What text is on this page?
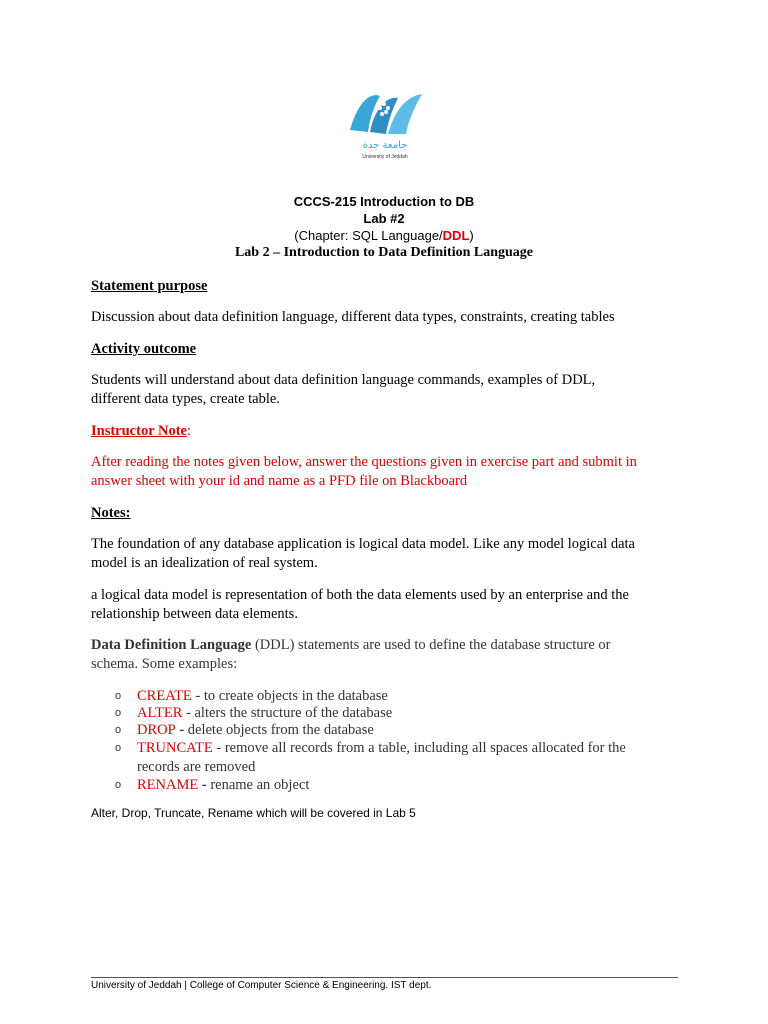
جامعة جدة
University of Jeddah
CCCS-215 Introduction to DB
Lab #2
(Chapter: SQL Language/DDL)
Lab 2 – Introduction to Data Definition Language
Statement purpose
Discussion about data definition language, different data types, constraints, creating tables
Activity outcome
Students will understand about data definition language commands, examples of DDL,
different data types, create table.
Instructor Note:
After reading the notes given below, answer the questions given in exercise part and submit in
answer sheet with your id and name as a PFD file on Blackboard
Notes:
The foundation of any database application is logical data model. Like any model logical data
model is an idealization of real system.
a logical data model is representation of both the data elements used by an enterprise and the
relationship between data elements.
Data Definition Language (DDL) statements are used to define the database structure or
schema. Some examples:
o CREATE - to create objects in the database
o ALTER - alters the structure of the database
o DROP - delete objects from the database
o TRUNCATE - remove all records from a table, including all spaces allocated for the
records are removed
o RENAME - rename an object
Alter, Drop, Truncate, Rename which will be covered in Lab 5
University of Jeddah | College of Computer Science & Engineering. IST dept.
